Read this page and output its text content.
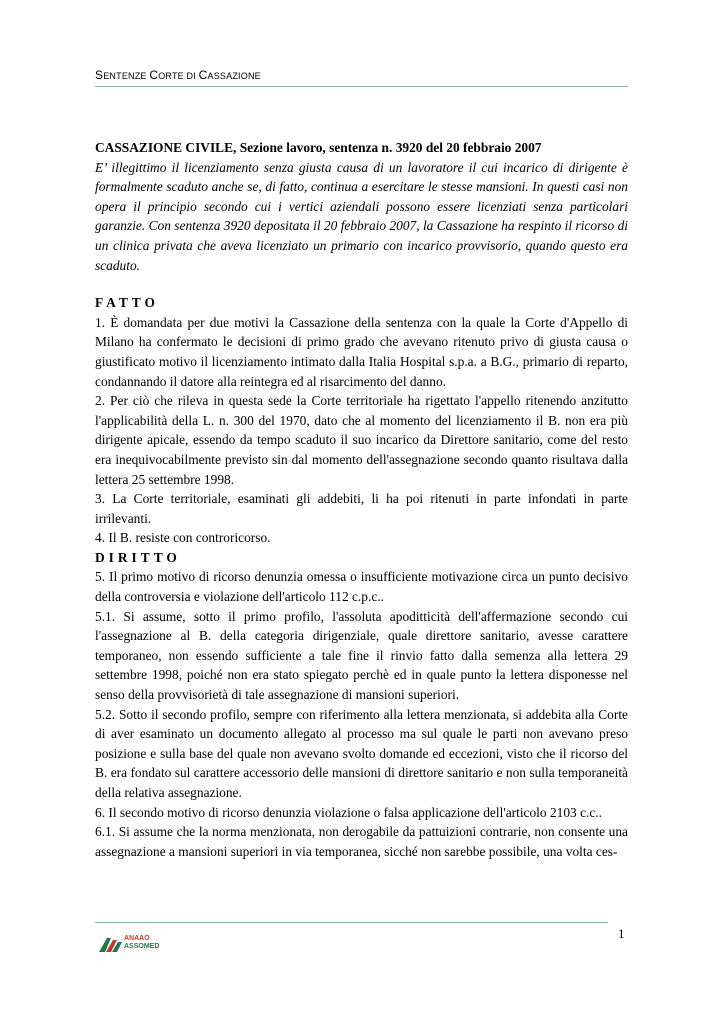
SENTENZE CORTE DI CASSAZIONE

CASSAZIONE CIVILE, Sezione lavoro, sentenza n. 3920 del 20 febbraio 2007

E’ illegittimo il licenziamento senza giusta causa di un lavoratore il cui incarico di dirigente è formalmente scaduto anche se, di fatto, continua a esercitare le stesse mansioni. In questi casi non opera il principio secondo cui i vertici aziendali possono essere licenziati senza particolari garanzie. Con sentenza 3920 depositata il 20 febbraio 2007, la Cassazione ha respinto il ricorso di un clinica privata che aveva licenziato un primario con incarico provvisorio, quando questo era scaduto.

FATTO

1. È domandata per due motivi la Cassazione della sentenza con la quale la Corte d'Appello di Milano ha confermato le decisioni di primo grado che avevano ritenuto privo di giusta causa o giustificato motivo il licenziamento intimato dalla Italia Hospital s.p.a. a B.G., primario di reparto, condannando il datore alla reintegra ed al risarcimento del danno.

2. Per ciò che rileva in questa sede la Corte territoriale ha rigettato l'appello ritenendo anzitutto l'applicabilità della L. n. 300 del 1970, dato che al momento del licenziamento il B. non era più dirigente apicale, essendo da tempo scaduto il suo incarico da Direttore sanitario, come del resto era inequivocabilmente previsto sin dal momento dell'assegnazione secondo quanto risultava dalla lettera 25 settembre 1998.

3. La Corte territoriale, esaminati gli addebiti, li ha poi ritenuti in parte infondati in parte irrilevanti.

4. Il B. resiste con controricorso.

DIRITTO

5. Il primo motivo di ricorso denunzia omessa o insufficiente motivazione circa un punto decisivo della controversia e violazione dell'articolo 112 c.p.c..

5.1. Si assume, sotto il primo profilo, l'assoluta apoditticità dell'affermazione secondo cui l'assegnazione al B. della categoria dirigenziale, quale direttore sanitario, avesse carattere temporaneo, non essendo sufficiente a tale fine il rinvio fatto dalla semenza alla lettera 29 settembre 1998, poiché non era stato spiegato perchè ed in quale punto la lettera disponesse nel senso della provvisorietà di tale assegnazione di mansioni superiori.

5.2. Sotto il secondo profilo, sempre con riferimento alla lettera menzionata, si addebita alla Corte di aver esaminato un documento allegato al processo ma sul quale le parti non avevano preso posizione e sulla base del quale non avevano svolto domande ed eccezioni, visto che il ricorso del B. era fondato sul carattere accessorio delle mansioni di direttore sanitario e non sulla temporaneità della relativa assegnazione.

6. Il secondo motivo di ricorso denunzia violazione o falsa applicazione dell'articolo 2103 c.c..

6.1. Si assume che la norma menzionata, non derogabile da pattuizioni contrarie, non consente una assegnazione a mansioni superiori in via temporanea, sicché non sarebbe possibile, una volta ces-

1
ANAAO
ASSOMED
